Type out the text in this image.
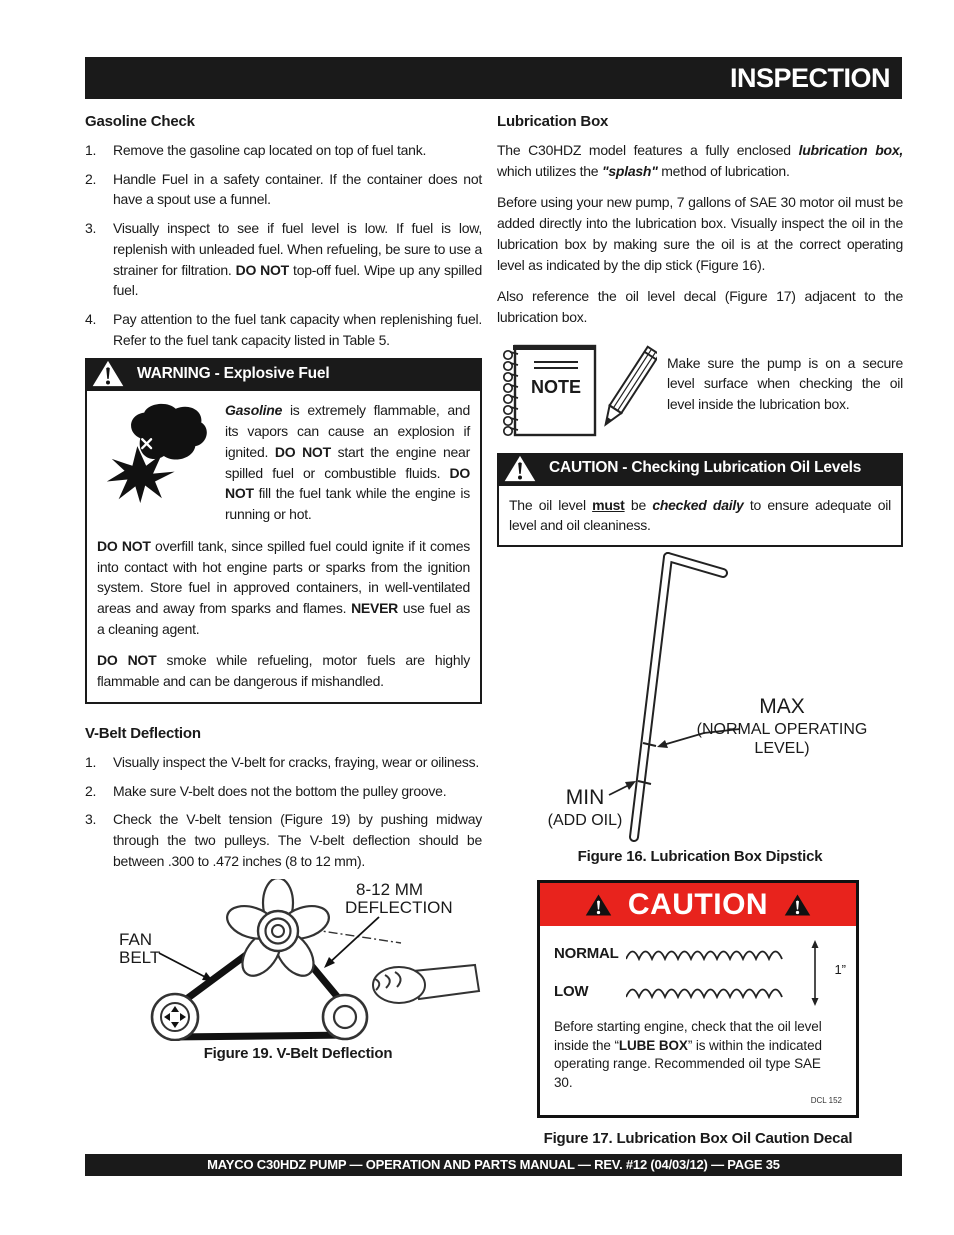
INSPECTION
Gasoline Check
1.	Remove the gasoline cap located on top of fuel tank.
2.	Handle Fuel in a safety container. If the container does not have a spout use a funnel.
3.	Visually inspect to see if fuel level is low. If fuel is low, replenish with unleaded fuel. When refueling, be sure to use a strainer for filtration. DO NOT top-off fuel. Wipe up any spilled fuel.
4.	Pay attention to the fuel tank capacity when replenishing fuel. Refer to the fuel tank capacity listed in Table 5.
WARNING - Explosive Fuel

Gasoline is extremely flammable, and its vapors can cause an explosion if ignited. DO NOT start the engine near spilled fuel or combustible fluids. DO NOT fill the fuel tank while the engine is running or hot.

DO NOT overfill tank, since spilled fuel could ignite if it comes into contact with hot engine parts or sparks from the ignition system. Store fuel in approved containers, in well-ventilated areas and away from sparks and flames. NEVER use fuel as a cleaning agent.

DO NOT smoke while refueling, motor fuels are highly flammable and can be dangerous if mishandled.

V-Belt Deflection
1.	Visually inspect the V-belt for cracks, fraying, wear or oiliness.
2.	Make sure V-belt does not the bottom the pulley groove.
3.	Check the V-belt tension (Figure 19) by pushing midway through the two pulleys. The V-belt deflection should be between .300 to .472 inches (8 to 12 mm).
8-12 MM
DEFLECTION
FAN
BELT
Figure 19. V-Belt Deflection
Lubrication Box

The C30HDZ model features a fully enclosed lubrication box, which utilizes the "splash" method of lubrication.

Before using your new pump, 7 gallons of SAE 30 motor oil must be added directly into the lubrication box. Visually inspect the oil in the lubrication box by making sure the oil is at the correct operating level as indicated by the dip stick (Figure 16).

Also reference the oil level decal (Figure 17) adjacent to the lubrication box.

NOTE
Make sure the pump is on a secure level surface when checking the oil level inside the lubrication box.
CAUTION - Checking Lubrication Oil Levels

The oil level must be checked daily to ensure adequate oil level and oil cleaniness.

MAX
(NORMAL OPERATING
LEVEL)
MIN
(ADD OIL)
Figure 16. Lubrication Box Dipstick
CAUTION
NORMAL
LOW
1”

Before starting engine, check that the oil level inside the “LUBE BOX” is within the indicated operating range. Recommended oil type SAE 30.

DCL 152
Figure 17. Lubrication Box Oil Caution Decal
MAYCO C30HDZ PUMP — OPERATION AND PARTS MANUAL — REV. #12 (04/03/12) — PAGE 35
